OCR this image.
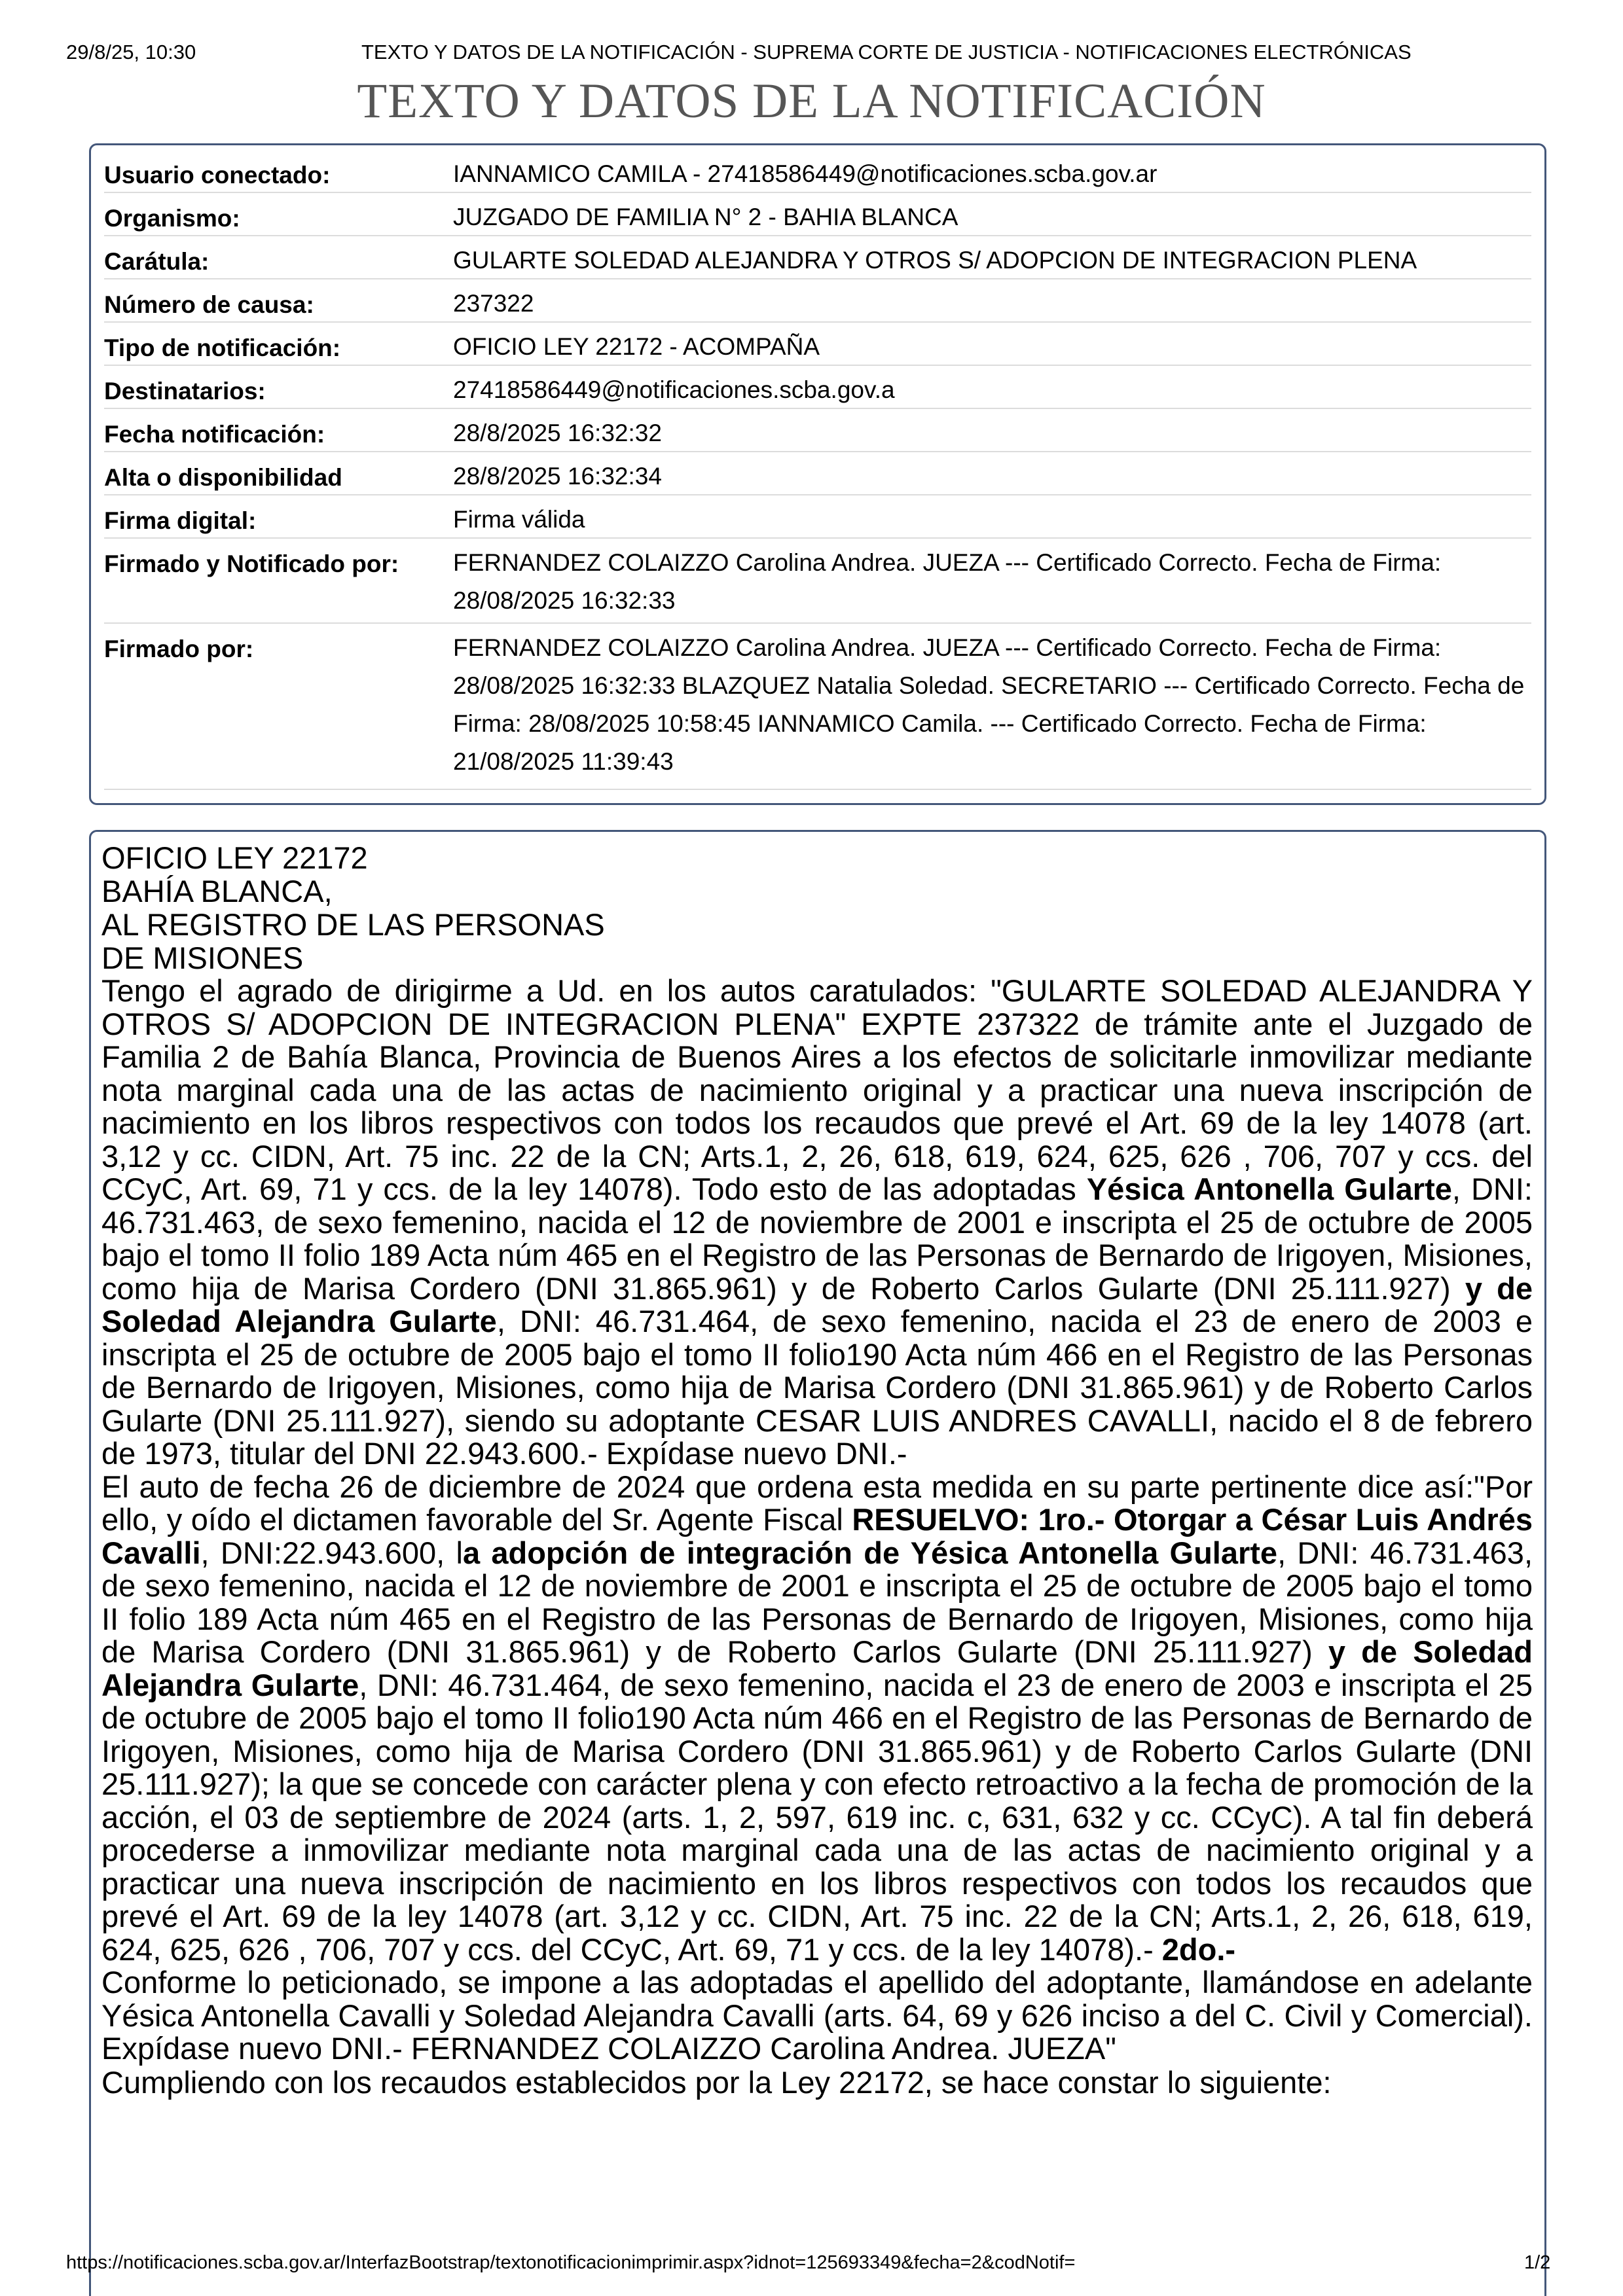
29/8/25, 10:30	TEXTO Y DATOS DE LA NOTIFICACIÓN - SUPREMA CORTE DE JUSTICIA - NOTIFICACIONES ELECTRÓNICAS
TEXTO Y DATOS DE LA NOTIFICACIÓN
Usuario conectado:	IANNAMICO CAMILA - 27418586449@notificaciones.scba.gov.ar
Organismo:	JUZGADO DE FAMILIA N° 2 - BAHIA BLANCA
Carátula:	GULARTE SOLEDAD ALEJANDRA Y OTROS S/ ADOPCION DE INTEGRACION PLENA
Número de causa:	237322
Tipo de notificación:	OFICIO LEY 22172 - ACOMPAÑA
Destinatarios:	27418586449@notificaciones.scba.gov.a
Fecha notificación:	28/8/2025 16:32:32
Alta o disponibilidad	28/8/2025 16:32:34
Firma digital:	Firma válida
Firmado y Notificado por: FERNANDEZ COLAIZZO Carolina Andrea. JUEZA --- Certificado Correcto. Fecha de Firma: 28/08/2025 16:32:33
Firmado por:	FERNANDEZ COLAIZZO Carolina Andrea. JUEZA --- Certificado Correcto. Fecha de Firma: 28/08/2025 16:32:33 BLAZQUEZ Natalia Soledad. SECRETARIO --- Certificado Correcto. Fecha de Firma: 28/08/2025 10:58:45 IANNAMICO Camila. --- Certificado Correcto. Fecha de Firma: 21/08/2025 11:39:43
OFICIO LEY 22172
BAHÍA BLANCA,
AL REGISTRO DE LAS PERSONAS
DE MISIONES

Tengo el agrado de dirigirme a Ud. en los autos caratulados: "GULARTE SOLEDAD ALEJANDRA Y OTROS S/ ADOPCION DE INTEGRACION PLENA" EXPTE 237322 de trámite ante el Juzgado de Familia 2 de Bahía Blanca, Provincia de Buenos Aires a los efectos de solicitarle inmovilizar mediante nota marginal cada una de las actas de nacimiento original y a practicar una nueva inscripción de nacimiento en los libros respectivos con todos los recaudos que prevé el Art. 69 de la ley 14078 (art. 3,12 y cc. CIDN, Art. 75 inc. 22 de la CN; Arts.1, 2, 26, 618, 619, 624, 625, 626 , 706, 707 y ccs. del CCyC, Art. 69, 71 y ccs. de la ley 14078). Todo esto de las adoptadas Yésica Antonella Gularte, DNI: 46.731.463, de sexo femenino, nacida el 12 de noviembre de 2001 e inscripta el 25 de octubre de 2005 bajo el tomo II folio 189 Acta núm 465 en el Registro de las Personas de Bernardo de Irigoyen, Misiones, como hija de Marisa Cordero (DNI 31.865.961) y de Roberto Carlos Gularte (DNI 25.111.927) y de Soledad Alejandra Gularte, DNI: 46.731.464, de sexo femenino, nacida el 23 de enero de 2003 e inscripta el 25 de octubre de 2005 bajo el tomo II folio190 Acta núm 466 en el Registro de las Personas de Bernardo de Irigoyen, Misiones, como hija de Marisa Cordero (DNI 31.865.961) y de Roberto Carlos Gularte (DNI 25.111.927), siendo su adoptante CESAR LUIS ANDRES CAVALLI, nacido el 8 de febrero de 1973, titular del DNI 22.943.600.- Expídase nuevo DNI.-

El auto de fecha 26 de diciembre de 2024 que ordena esta medida en su parte pertinente dice así:"Por ello, y oído el dictamen favorable del Sr. Agente Fiscal RESUELVO: 1ro.- Otorgar a César Luis Andrés Cavalli, DNI:22.943.600, la adopción de integración de Yésica Antonella Gularte, DNI: 46.731.463, de sexo femenino, nacida el 12 de noviembre de 2001 e inscripta el 25 de octubre de 2005 bajo el tomo II folio 189 Acta núm 465 en el Registro de las Personas de Bernardo de Irigoyen, Misiones, como hija de Marisa Cordero (DNI 31.865.961) y de Roberto Carlos Gularte (DNI 25.111.927) y de Soledad Alejandra Gularte, DNI: 46.731.464, de sexo femenino, nacida el 23 de enero de 2003 e inscripta el 25 de octubre de 2005 bajo el tomo II folio190 Acta núm 466 en el Registro de las Personas de Bernardo de Irigoyen, Misiones, como hija de Marisa Cordero (DNI 31.865.961) y de Roberto Carlos Gularte (DNI 25.111.927); la que se concede con carácter plena y con efecto retroactivo a la fecha de promoción de la acción, el 03 de septiembre de 2024 (arts. 1, 2, 597, 619 inc. c, 631, 632 y cc. CCyC). A tal fin deberá procederse a inmovilizar mediante nota marginal cada una de las actas de nacimiento original y a practicar una nueva inscripción de nacimiento en los libros respectivos con todos los recaudos que prevé el Art. 69 de la ley 14078 (art. 3,12 y cc. CIDN, Art. 75 inc. 22 de la CN; Arts.1, 2, 26, 618, 619, 624, 625, 626 , 706, 707 y ccs. del CCyC, Art. 69, 71 y ccs. de la ley 14078).- 2do.-

Conforme lo peticionado, se impone a las adoptadas el apellido del adoptante, llamándose en adelante Yésica Antonella Cavalli y Soledad Alejandra Cavalli (arts. 64, 69 y 626 inciso a del C. Civil y Comercial). Expídase nuevo DNI.- FERNANDEZ COLAIZZO Carolina Andrea. JUEZA"

Cumpliendo con los recaudos establecidos por la Ley 22172, se hace constar lo siguiente:
https://notificaciones.scba.gov.ar/InterfazBootstrap/textonotificacionimprimir.aspx?idnot=125693349&fecha=2&codNotif=	1/2
